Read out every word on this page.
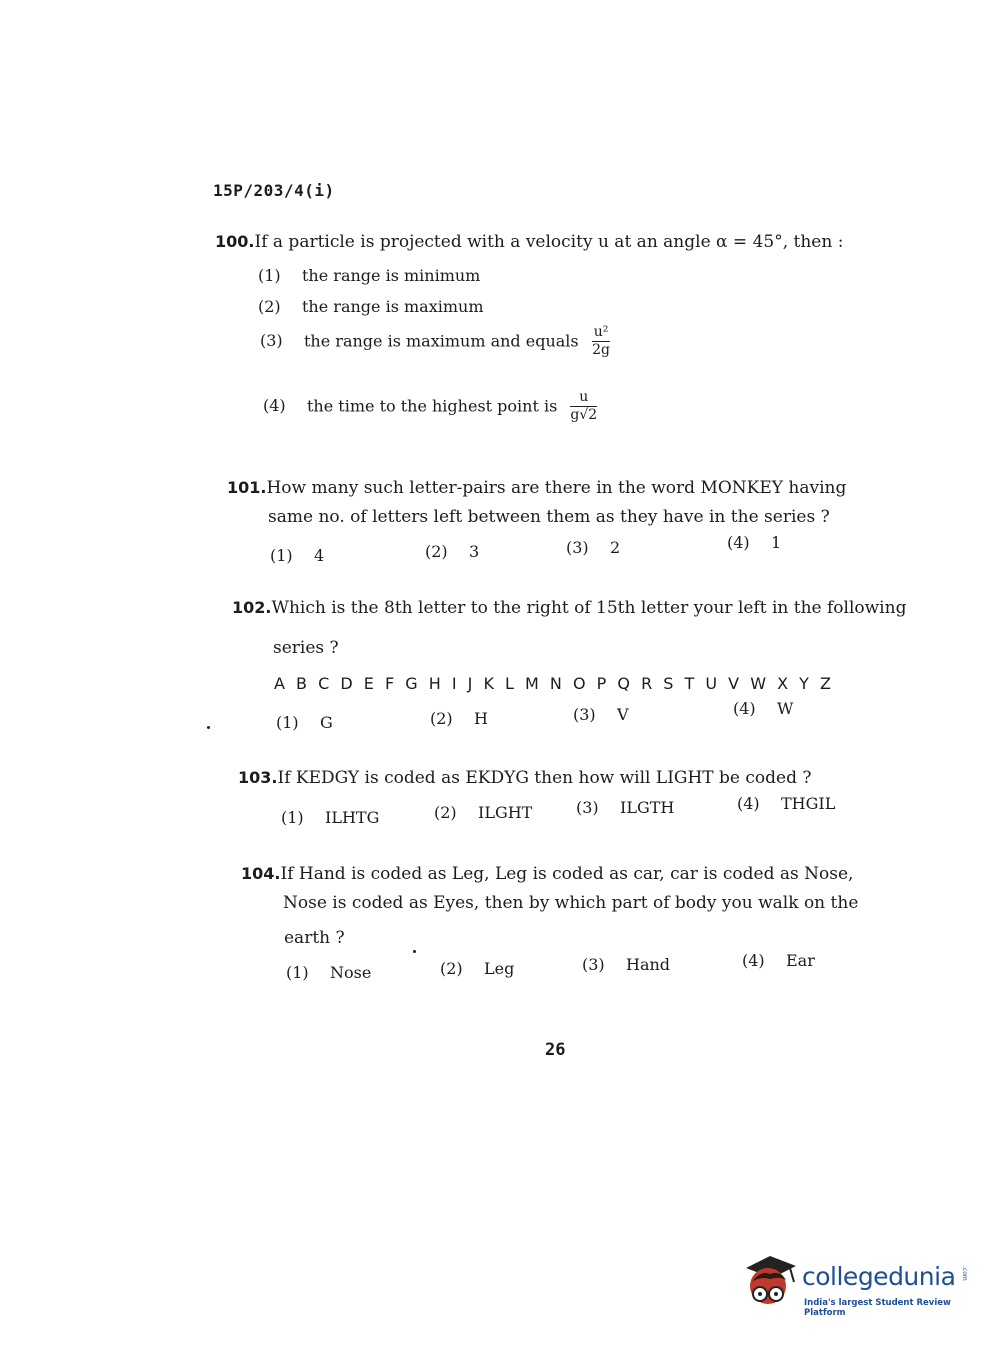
15P/203/4(i)
100.If a particle is projected with a velocity u at an angle α = 45°, then :
(1) the range is minimum
(2) the range is maximum
(3) the range is maximum and equals $\frac{\text{u²}}{2g}$
(4) the time to the highest point is $\frac{u}{g√2}$
101.How many such letter-pairs are there in the word MONKEY having
same no. of letters left between them as they have in the series ?
(1) 4	(2) 3	(3) 2	(4) 1
102.Which is the 8th letter to the right of 15th letter your left in the following
series ?
A B C D E F G H I J K L M N O P Q R S T U V W X Y Z
(1) G	(2) H	(3) V	(4) W
103.If KEDGY is coded as EKDYG then how will LIGHT be coded ?
(1) ILHTG	(2) ILGHT	(3) ILGTH	(4) THGIL
104.If Hand is coded as Leg, Leg is coded as car, car is coded as Nose,
Nose is coded as Eyes, then by which part of body you walk on the
earth ?
(1) Nose	(2) Leg	(3) Hand	(4) Ear
26
collegedunia .com
India's largest Student Review Platform
